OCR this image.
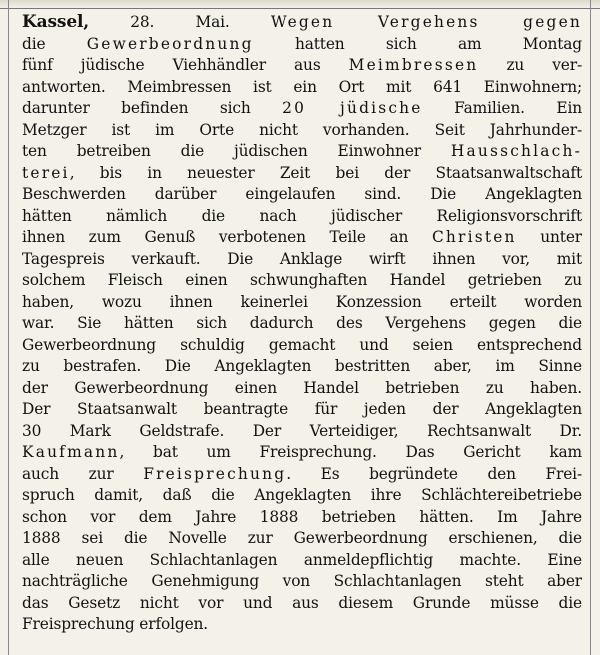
Kassel,	28. Mai.	Wegen Vergehens gegen
die Gewerbeordnung hatten sich am Montag
fünf jüdische Viehhändler aus Meimbressen zu ver-
antworten. Meimbressen ist ein Ort mit 641 Einwohnern;
darunter befinden sich 20 jüdische Familien. Ein
Metzger ist im Orte nicht vorhanden. Seit Jahrhunder-
ten betreiben die jüdischen Einwohner Hausschlach-
terei, bis in neuester Zeit bei der Staatsanwaltschaft
Beschwerden darüber eingelaufen sind. Die Angeklagten
hätten nämlich die nach jüdischer Religionsvorschrift
ihnen zum Genuß verbotenen Teile an Christen unter
Tagespreis verkauft. Die Anklage wirft ihnen vor, mit
solchem Fleisch einen schwunghaften Handel getrieben zu
haben, wozu ihnen keinerlei Konzession erteilt worden
war. Sie hätten sich dadurch des Vergehens gegen die
Gewerbeordnung schuldig gemacht und seien entsprechend
zu bestrafen. Die Angeklagten bestritten aber, im Sinne
der Gewerbeordnung einen Handel betrieben zu haben.
Der Staatsanwalt beantragte für jeden der Angeklagten
30 Mark Geldstrafe. Der Verteidiger, Rechtsanwalt Dr.
Kaufmann, bat um Freisprechung. Das Gericht kam
auch zur Freisprechung. Es begründete den Frei-
spruch damit, daß die Angeklagten ihre Schlächtereibetriebe
schon vor dem Jahre 1888 betrieben hätten. Im Jahre
1888 sei die Novelle zur Gewerbeordnung erschienen, die
alle neuen Schlachtanlagen anmeldepflichtig machte. Eine
nachträgliche Genehmigung von Schlachtanlagen steht aber
das Gesetz nicht vor und aus diesem Grunde müsse die
Freisprechung erfolgen.
